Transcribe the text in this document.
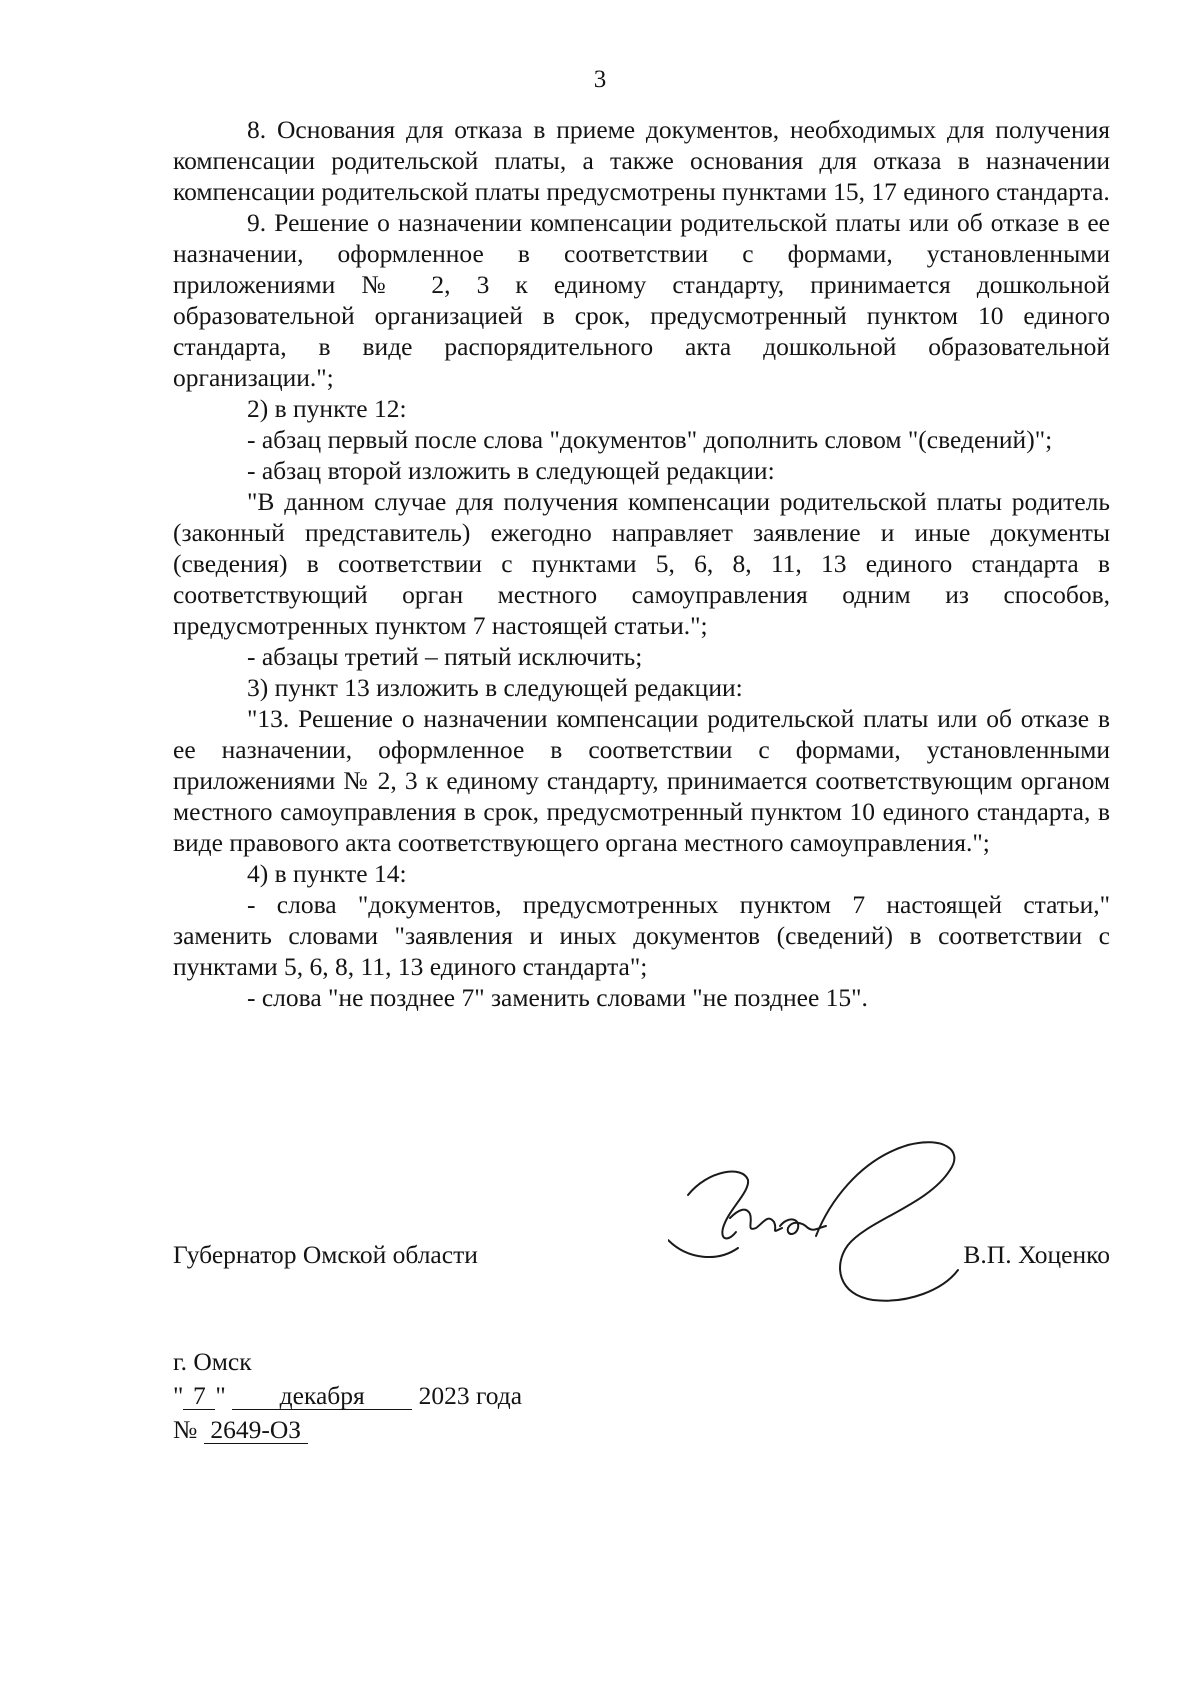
3

8. Основания для отказа в приеме документов, необходимых для получения компенсации родительской платы, а также основания для отказа в назначении компенсации родительской платы предусмотрены пунктами 15, 17 единого стандарта.

9. Решение о назначении компенсации родительской платы или об отказе в ее назначении, оформленное в соответствии с формами, установленными приложениями № 2, 3 к единому стандарту, принимается дошкольной образовательной организацией в срок, предусмотренный пунктом 10 единого стандарта, в виде распорядительного акта дошкольной образовательной организации.";

2) в пункте 12:

- абзац первый после слова "документов" дополнить словом "(сведений)";

- абзац второй изложить в следующей редакции:

"В данном случае для получения компенсации родительской платы родитель (законный представитель) ежегодно направляет заявление и иные документы (сведения) в соответствии с пунктами 5, 6, 8, 11, 13 единого стандарта в соответствующий орган местного самоуправления одним из способов, предусмотренных пунктом 7 настоящей статьи.";

- абзацы третий – пятый исключить;

3) пункт 13 изложить в следующей редакции:

"13. Решение о назначении компенсации родительской платы или об отказе в ее назначении, оформленное в соответствии с формами, установленными приложениями № 2, 3 к единому стандарту, принимается соответствующим органом местного самоуправления в срок, предусмотренный пунктом 10 единого стандарта, в виде правового акта соответствующего органа местного самоуправления.";

4) в пункте 14:

- слова "документов, предусмотренных пунктом 7 настоящей статьи," заменить словами "заявления и иных документов (сведений) в соответствии с пунктами 5, 6, 8, 11, 13 единого стандарта";

- слова "не позднее 7" заменить словами "не позднее 15".

Губернатор Омской области	В.П. Хоценко
г. Омск
" 7 " декабря 2023 года
№ 2649-ОЗ
